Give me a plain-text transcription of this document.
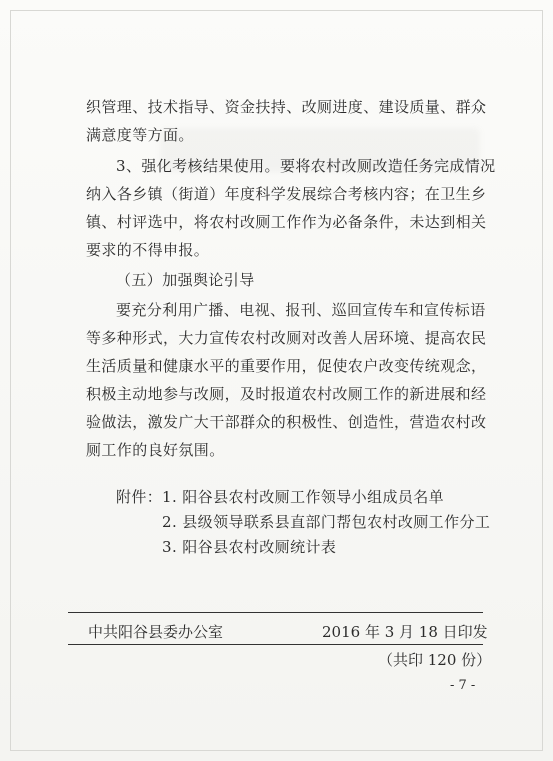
织管理、技术指导、资金扶持、改厕进度、建设质量、群众
满意度等方面。
3、强化考核结果使用。要将农村改厕改造任务完成情况
纳入各乡镇（街道）年度科学发展综合考核内容；在卫生乡
镇、村评选中，将农村改厕工作作为必备条件，未达到相关
要求的不得申报。
（五）加强舆论引导
要充分利用广播、电视、报刊、巡回宣传车和宣传标语
等多种形式，大力宣传农村改厕对改善人居环境、提高农民
生活质量和健康水平的重要作用，促使农户改变传统观念，
积极主动地参与改厕，及时报道农村改厕工作的新进展和经
验做法，激发广大干部群众的积极性、创造性，营造农村改
厕工作的良好氛围。
附件： 1. 阳谷县农村改厕工作领导小组成员名单
2. 县级领导联系县直部门帮包农村改厕工作分工
3. 阳谷县农村改厕统计表
中共阳谷县委办公室	2016 年 3 月 18 日印发
（共印 120 份）
- 7 -
